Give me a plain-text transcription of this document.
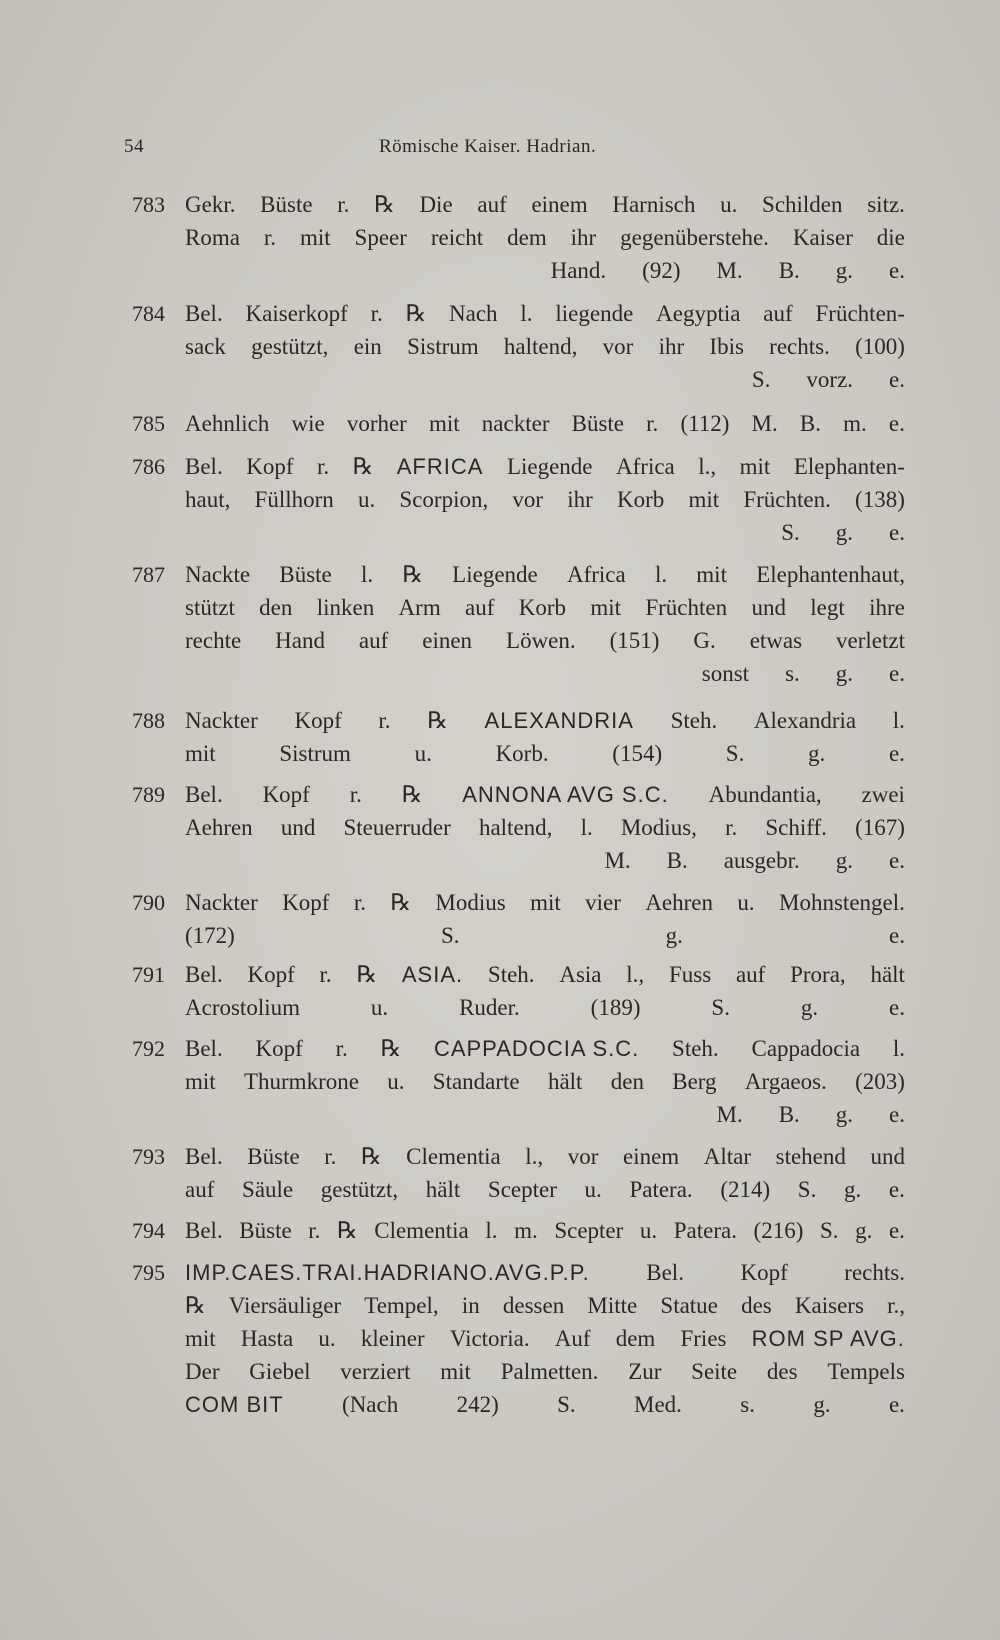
54	Römische Kaiser. Hadrian.
783 Gekr. Büste r. ℞ Die auf einem Harnisch u. Schilden sitz.
Roma r. mit Speer reicht dem ihr gegenüberstehe. Kaiser die
Hand. (92) M. B. g. e.
784 Bel. Kaiserkopf r. ℞ Nach l. liegende Aegyptia auf Früchten-
sack gestützt, ein Sistrum haltend, vor ihr Ibis rechts. (100)
S. vorz. e.
785 Aehnlich wie vorher mit nackter Büste r. (112) M. B. m. e.
786 Bel. Kopf r. ℞ AFRICA Liegende Africa l., mit Elephanten-
haut, Füllhorn u. Scorpion, vor ihr Korb mit Früchten. (138)
S. g. e.
787 Nackte Büste l. ℞ Liegende Africa l. mit Elephantenhaut,
stützt den linken Arm auf Korb mit Früchten und legt ihre
rechte Hand auf einen Löwen. (151) G. etwas verletzt
sonst s. g. e.
788 Nackter Kopf r. ℞ ALEXANDRIA Steh. Alexandria l.
mit	Sistrum	u.	Korb.	(154)	S.	g.	e.
789 Bel. Kopf r. ℞ ANNONA AVG S.C. Abundantia, zwei
Aehren und Steuerruder haltend, l. Modius, r. Schiff. (167)
M. B. ausgebr. g. e.
790 Nackter Kopf r. ℞ Modius mit vier Aehren u. Mohnstengel.
(172)	S.	g.	e.
791 Bel. Kopf r. ℞ ASIA. Steh. Asia l., Fuss auf Prora, hält
Acrostolium	u.	Ruder.	(189)	S.	g.	e.
792 Bel. Kopf r. ℞ CAPPADOCIA S.C. Steh. Cappadocia l.
mit Thurmkrone u. Standarte hält den Berg Argaeos. (203)
M. B. g. e.
793 Bel. Büste r. ℞ Clementia l., vor einem Altar stehend und
auf Säule gestützt, hält Scepter u. Patera. (214) S. g. e.
794 Bel. Büste r. ℞ Clementia l. m. Scepter u. Patera. (216) S. g. e.
795 IMP.CAES.TRAI.HADRIANO.AVG.P.P. Bel. Kopf rechts.
℞ Viersäuliger Tempel, in dessen Mitte Statue des Kaisers r.,
mit Hasta u. kleiner Victoria. Auf dem Fries ROM SP AVG.
Der Giebel verziert mit Palmetten. Zur Seite des Tempels
COM BIT	(Nach	242)	S.	Med.	s.	g.	e.
